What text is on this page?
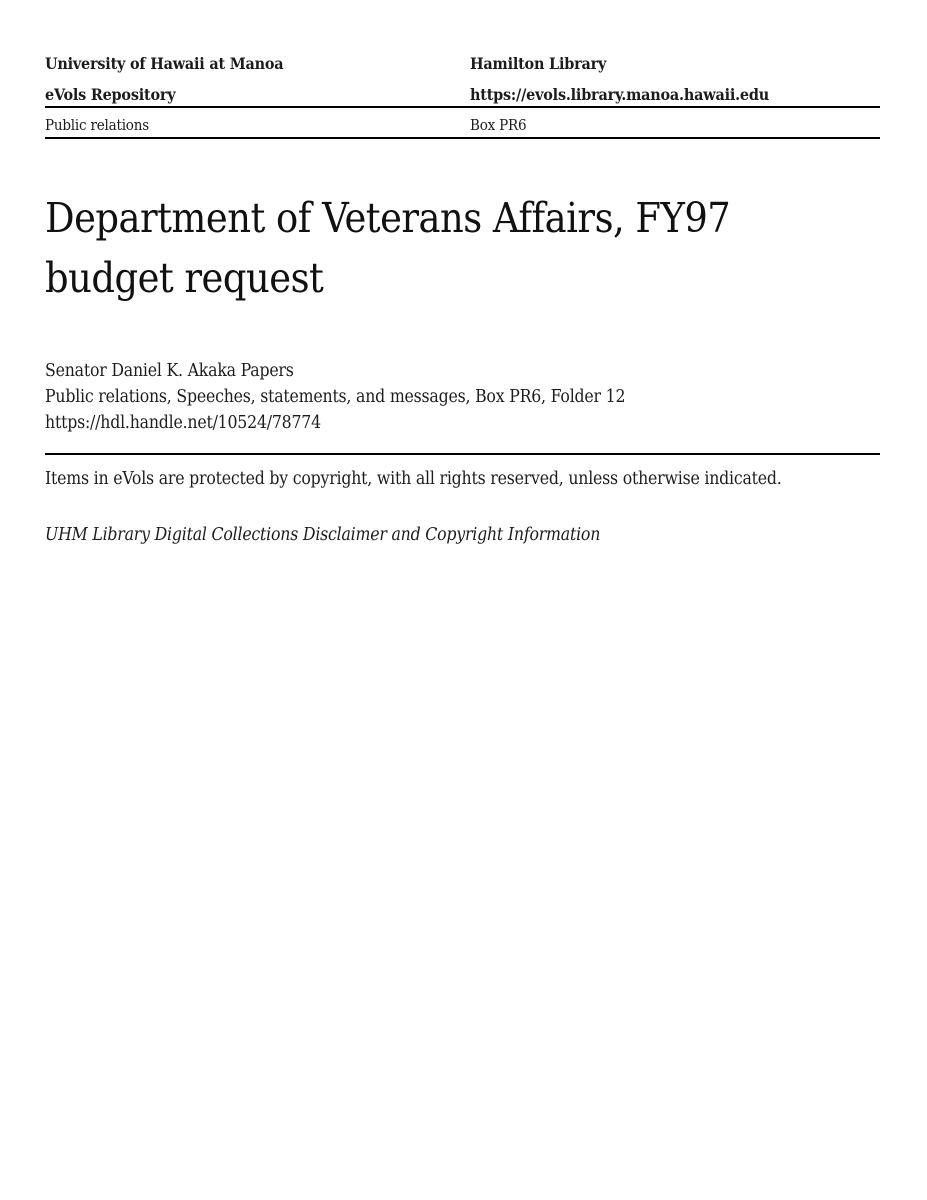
University of Hawaii at Manoa	Hamilton Library
eVols Repository	https://evols.library.manoa.hawaii.edu
Public relations	Box PR6
Department of Veterans Affairs, FY97
budget request
Senator Daniel K. Akaka Papers
Public relations, Speeches, statements, and messages, Box PR6, Folder 12
https://hdl.handle.net/10524/78774
Items in eVols are protected by copyright, with all rights reserved, unless otherwise indicated.
UHM Library Digital Collections Disclaimer and Copyright Information
